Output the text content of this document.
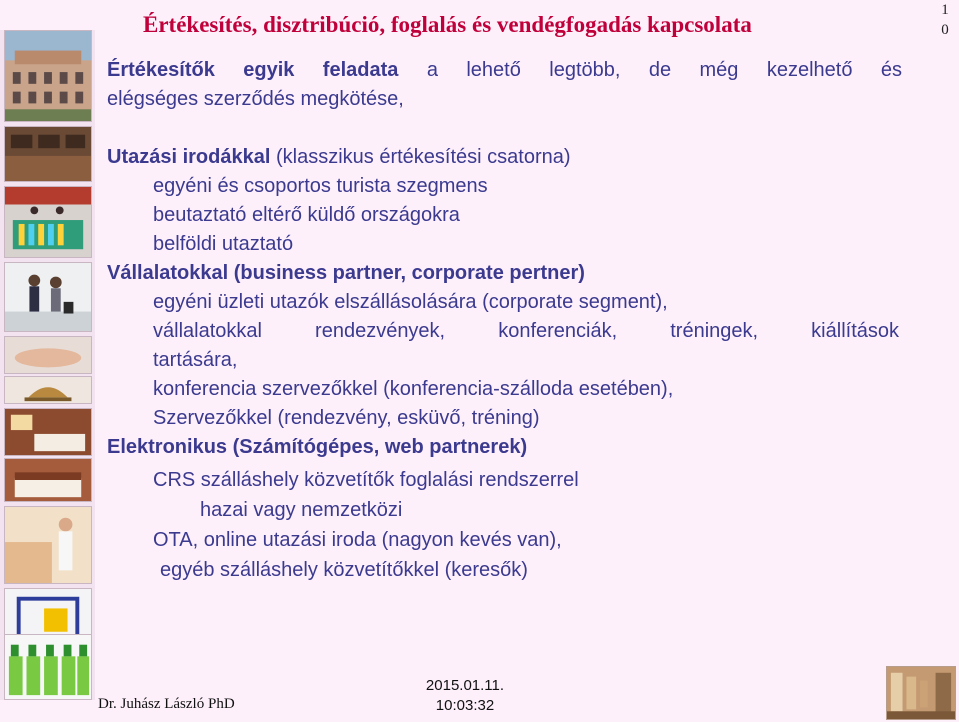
Értékesítés, disztribúció, foglalás és vendégfogadás kapcsolata
1
0
Értékesítők egyik feladata a lehető legtöbb, de még kezelhető és
elégséges szerződés megkötése,
Utazási irodákkal (klasszikus értékesítési csatorna)
egyéni és csoportos turista szegmens
beutaztató eltérő küldő országokra
belföldi utaztató
Vállalatokkal (business partner, corporate pertner)
egyéni üzleti utazók elszállásolására (corporate segment),
vállalatokkal rendezvények, konferenciák, tréningek, kiállítások
tartására,
konferencia szervezőkkel (konferencia-szálloda esetében),
Szervezőkkel (rendezvény, esküvő, tréning)
Elektronikus (Számítógépes, web partnerek)
CRS szálláshely közvetítők foglalási rendszerrel
hazai vagy nemzetközi
OTA, online utazási iroda (nagyon kevés van),
egyéb szálláshely közvetítőkkel (keresők)
Dr. Juhász László PhD
2015.01.11.
10:03:32
